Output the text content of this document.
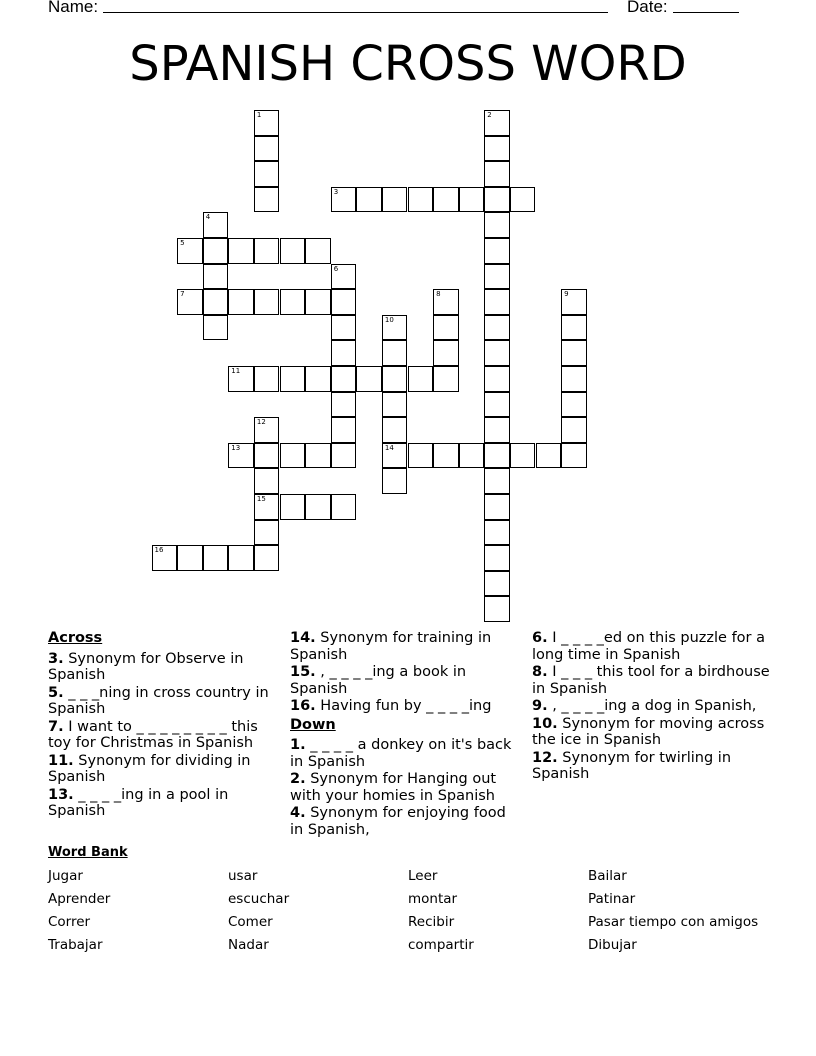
Name:	Date:
SPANISH CROSS WORD
1	2
3
4
5
6
7	8	9
10
14
11
12
15
13
16
Across
3. Synonym for Observe in Spanish
5. _ _ _ning in cross country in Spanish
7. I want to _ _ _ _ _ _ _ _ this toy for Christmas in Spanish
11. Synonym for dividing in Spanish
13. _ _ _ _ing in a pool in Spanish
14. Synonym for training in Spanish
15. , _ _ _ _ing a book in Spanish
16. Having fun by _ _ _ _ing
Down
1. _ _ _ _ a donkey on it's back in Spanish
2. Synonym for Hanging out with your homies in Spanish
4. Synonym for enjoying food in Spanish,
6. I _ _ _ _ed on this puzzle for a long time in Spanish
8. I _ _ _ this tool for a birdhouse in Spanish
9. , _ _ _ _ing a dog in Spanish,
10. Synonym for moving across the ice in Spanish
12. Synonym for twirling in Spanish
Word Bank
Jugar	usar	Leer	Bailar
Aprender	escuchar	montar	Patinar
Correr	Comer	Recibir	Pasar tiempo con amigos
Trabajar	Nadar	compartir	Dibujar
